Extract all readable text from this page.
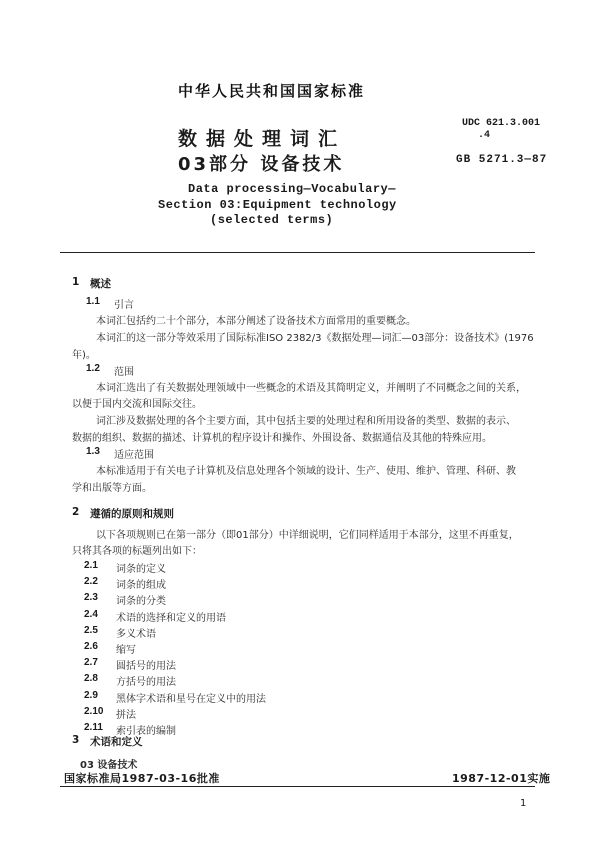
中华人民共和国国家标准
数据处理词汇
03部分 设备技术
UDC 621.3.001
.4
GB 5271.3—87
Data processing—Vocabulary—
Section 03:Equipment technology
(selected terms)
1 概述
1.1 引言
本词汇包括约二十个部分，本部分阐述了设备技术方面常用的重要概念。
本词汇的这一部分等效采用了国际标准ISO 2382/3《数据处理—词汇—03部分：设备技术》(1976
年)。
1.2 范围
本词汇选出了有关数据处理领域中一些概念的术语及其简明定义，并阐明了不同概念之间的关系，
以便于国内交流和国际交往。
词汇涉及数据处理的各个主要方面，其中包括主要的处理过程和所用设备的类型、数据的表示、
数据的组织、数据的描述、计算机的程序设计和操作、外围设备、数据通信及其他的特殊应用。
1.3 适应范围
本标准适用于有关电子计算机及信息处理各个领域的设计、生产、使用、维护、管理、科研、教
学和出版等方面。
2 遵循的原则和规则
以下各项规则已在第一部分（即01部分）中详细说明，它们同样适用于本部分，这里不再重复，
只将其各项的标题列出如下：
2.1 词条的定义
2.2 词条的组成
2.3 词条的分类
2.4 术语的选择和定义的用语
2.5 多义术语
2.6 缩写
2.7 圆括号的用法
2.8 方括号的用法
2.9 黑体字术语和星号在定义中的用法
2.10 拼法
2.11 索引表的编制
3 术语和定义
03 设备技术
国家标准局1987-03-16批准	1987-12-01实施
1
